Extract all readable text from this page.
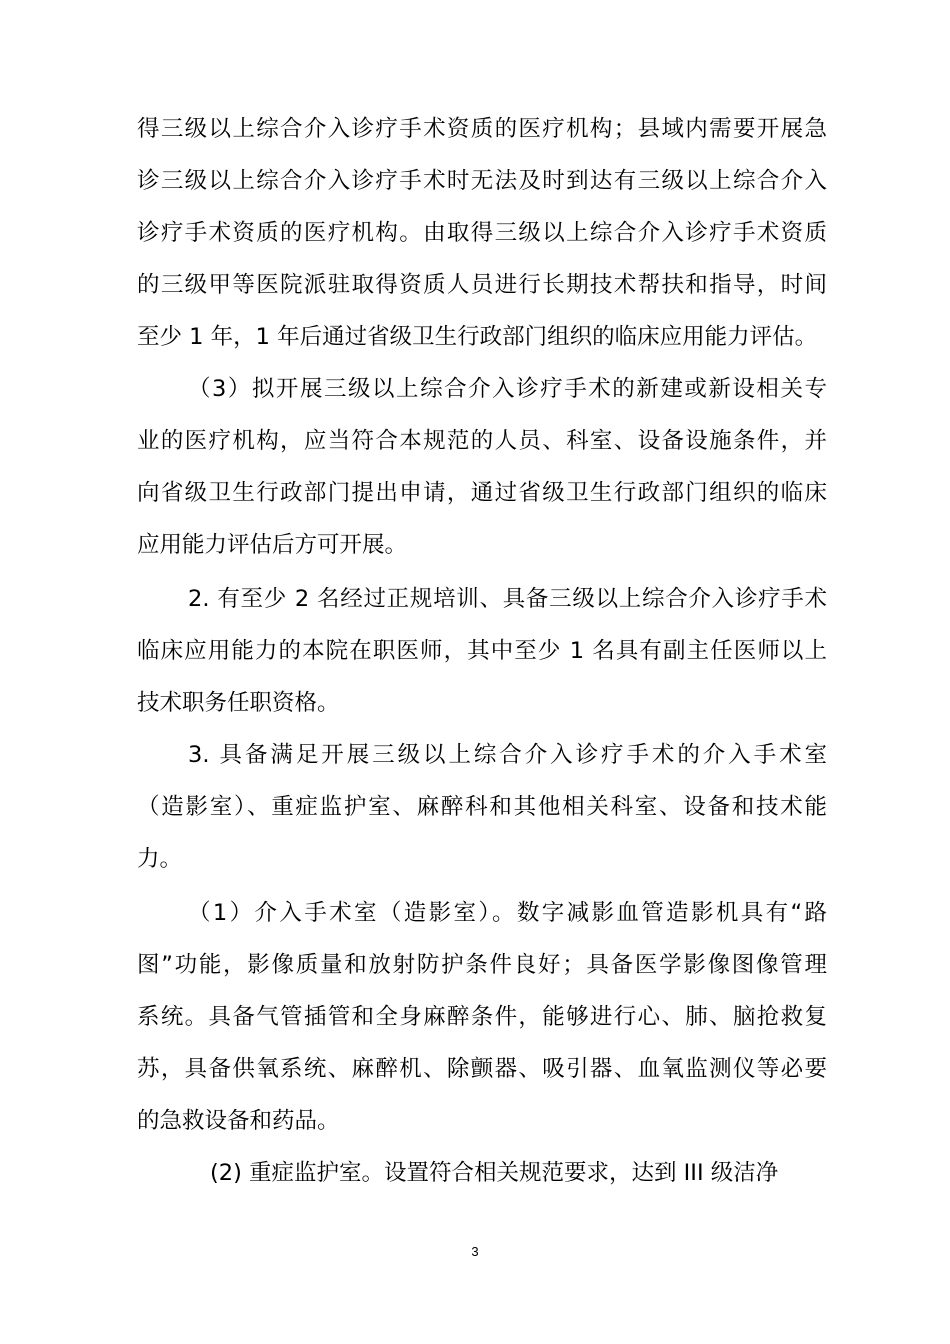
得三级以上综合介入诊疗手术资质的医疗机构；县域内需要开展急
诊三级以上综合介入诊疗手术时无法及时到达有三级以上综合介入
诊疗手术资质的医疗机构。由取得三级以上综合介入诊疗手术资质
的三级甲等医院派驻取得资质人员进行长期技术帮扶和指导，时间
至少 1 年，1 年后通过省级卫生行政部门组织的临床应用能力评估。
（3）拟开展三级以上综合介入诊疗手术的新建或新设相关专
业的医疗机构，应当符合本规范的人员、科室、设备设施条件，并
向省级卫生行政部门提出申请，通过省级卫生行政部门组织的临床
应用能力评估后方可开展。
2. 有至少 2 名经过正规培训、具备三级以上综合介入诊疗手术
临床应用能力的本院在职医师，其中至少 1 名具有副主任医师以上
技术职务任职资格。
3. 具备满足开展三级以上综合介入诊疗手术的介入手术室
（造影室）、重症监护室、麻醉科和其他相关科室、设备和技术能
力。
（1）介入手术室（造影室）。数字减影血管造影机具有“路
图”功能，影像质量和放射防护条件良好；具备医学影像图像管理
系统。具备气管插管和全身麻醉条件，能够进行心、肺、脑抢救复
苏，具备供氧系统、麻醉机、除颤器、吸引器、血氧监测仪等必要
的急救设备和药品。
(2) 重症监护室。设置符合相关规范要求，达到 III 级洁净
3
